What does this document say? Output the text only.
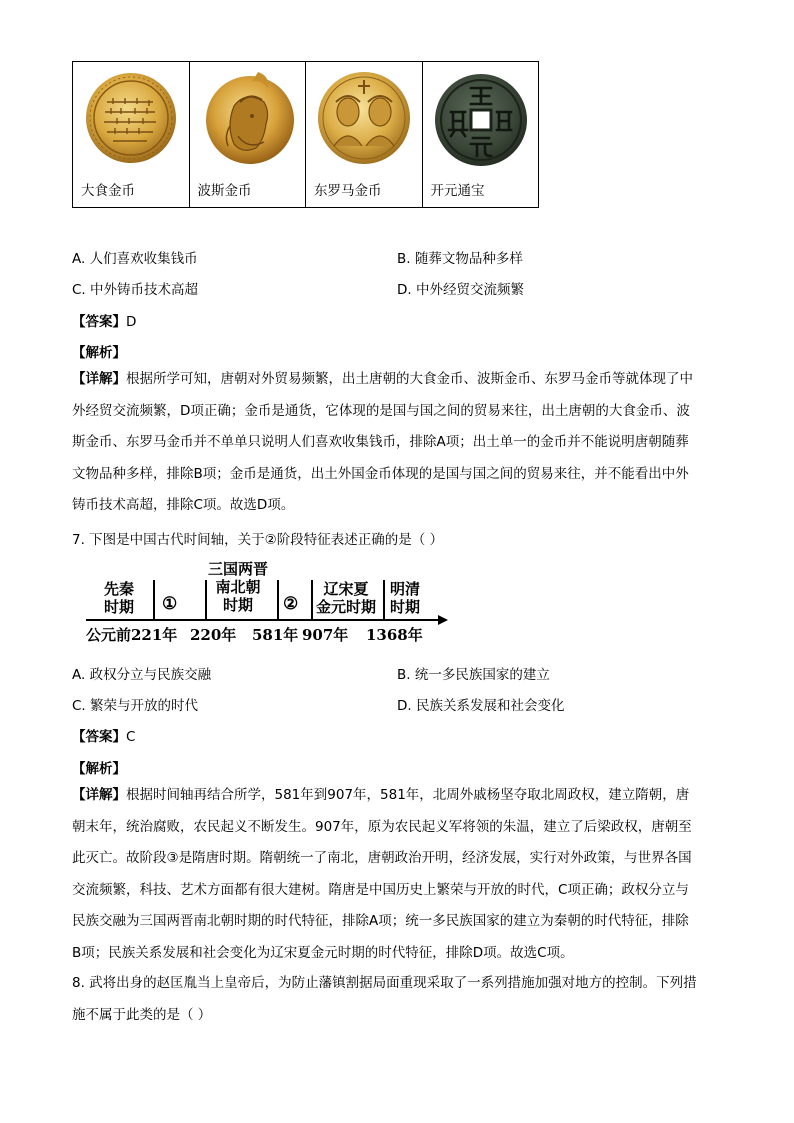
大食金币	波斯金币	东罗马金币	开元通宝
A. 人们喜欢收集钱币	B. 随葬文物品种多样
C. 中外铸币技术高超	D. 中外经贸交流频繁
【答案】D
【解析】
【详解】根据所学可知，唐朝对外贸易频繁，出土唐朝的大食金币、波斯金币、东罗马金币等就体现了中
外经贸交流频繁，D项正确；金币是通货，它体现的是国与国之间的贸易来往，出土唐朝的大食金币、波
斯金币、东罗马金币并不单单只说明人们喜欢收集钱币，排除A项；出土单一的金币并不能说明唐朝随葬
文物品种多样，排除B项；金币是通货，出土外国金币体现的是国与国之间的贸易来往，并不能看出中外
铸币技术高超，排除C项。故选D项。
7. 下图是中国古代时间轴，关于②阶段特征表述正确的是（ ）
先秦
时期 ①
三国两晋
南北朝
时期	②
辽宋夏
金元时期
明清
时期
公元前221年 220年 581年 907年 1368年
A. 政权分立与民族交融	B. 统一多民族国家的建立
C. 繁荣与开放的时代	D. 民族关系发展和社会变化
【答案】C
【解析】
【详解】根据时间轴再结合所学，581年到907年，581年，北周外戚杨坚夺取北周政权，建立隋朝，唐
朝末年，统治腐败，农民起义不断发生。907年，原为农民起义军将领的朱温，建立了后梁政权，唐朝至
此灭亡。故阶段③是隋唐时期。隋朝统一了南北，唐朝政治开明，经济发展，实行对外政策，与世界各国
交流频繁，科技、艺术方面都有很大建树。隋唐是中国历史上繁荣与开放的时代，C项正确；政权分立与
民族交融为三国两晋南北朝时期的时代特征，排除A项；统一多民族国家的建立为秦朝的时代特征，排除
B项；民族关系发展和社会变化为辽宋夏金元时期的时代特征，排除D项。故选C项。
8. 武将出身的赵匡胤当上皇帝后，为防止藩镇割据局面重现采取了一系列措施加强对地方的控制。下列措
施不属于此类的是（ ）
